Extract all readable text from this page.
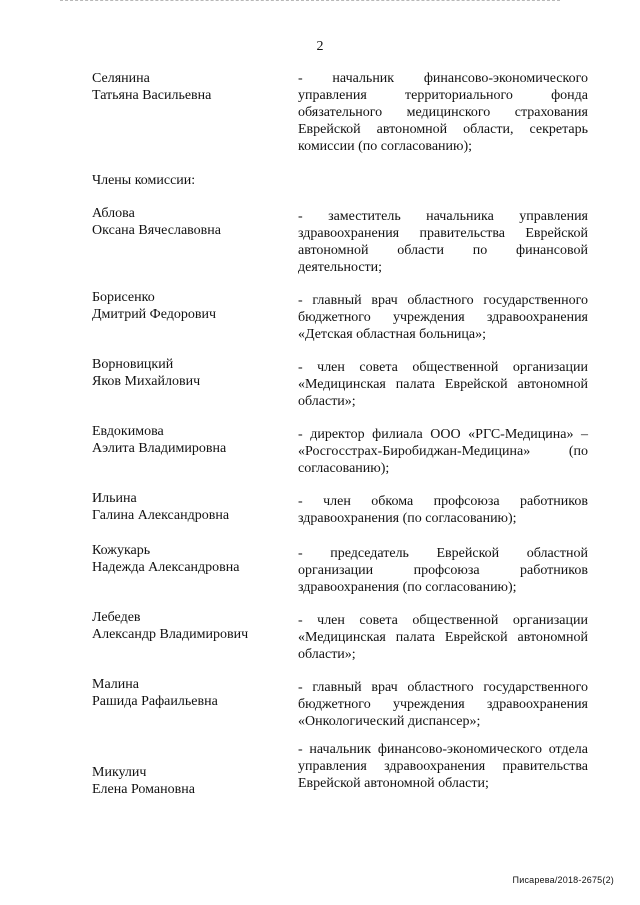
2
Селянина
Татьяна Васильевна
- начальник финансово-экономического управления территориального фонда обязательного медицинского страхования Еврейской автономной области, секретарь комиссии (по согласованию);
Члены комиссии:
Аблова
Оксана Вячеславовна
- заместитель начальника управления здравоохранения правительства Еврейской автономной области по финансовой деятельности;
Борисенко
Дмитрий Федорович
- главный врач областного государственного бюджетного учреждения здравоохранения «Детская областная больница»;
Ворновицкий
Яков Михайлович
- член совета общественной организации «Медицинская палата Еврейской автономной области»;
Евдокимова
Аэлита Владимировна
- директор филиала ООО «РГС-Медицина» – «Росгосстрах-Биробиджан-Медицина» (по согласованию);
Ильина
Галина Александровна
- член обкома профсоюза работников здравоохранения (по согласованию);
Кожукарь
Надежда Александровна
- председатель Еврейской областной организации профсоюза работников здравоохранения (по согласованию);
Лебедев
Александр Владимирович
- член совета общественной организации «Медицинская палата Еврейской автономной области»;
Малина
Рашида Рафаильевна
- главный врач областного государственного бюджетного учреждения здравоохранения «Онкологический диспансер»;
Микулич
Елена Романовна
- начальник финансово-экономического отдела управления здравоохранения правительства Еврейской автономной области;
Писарева/2018-2675(2)
